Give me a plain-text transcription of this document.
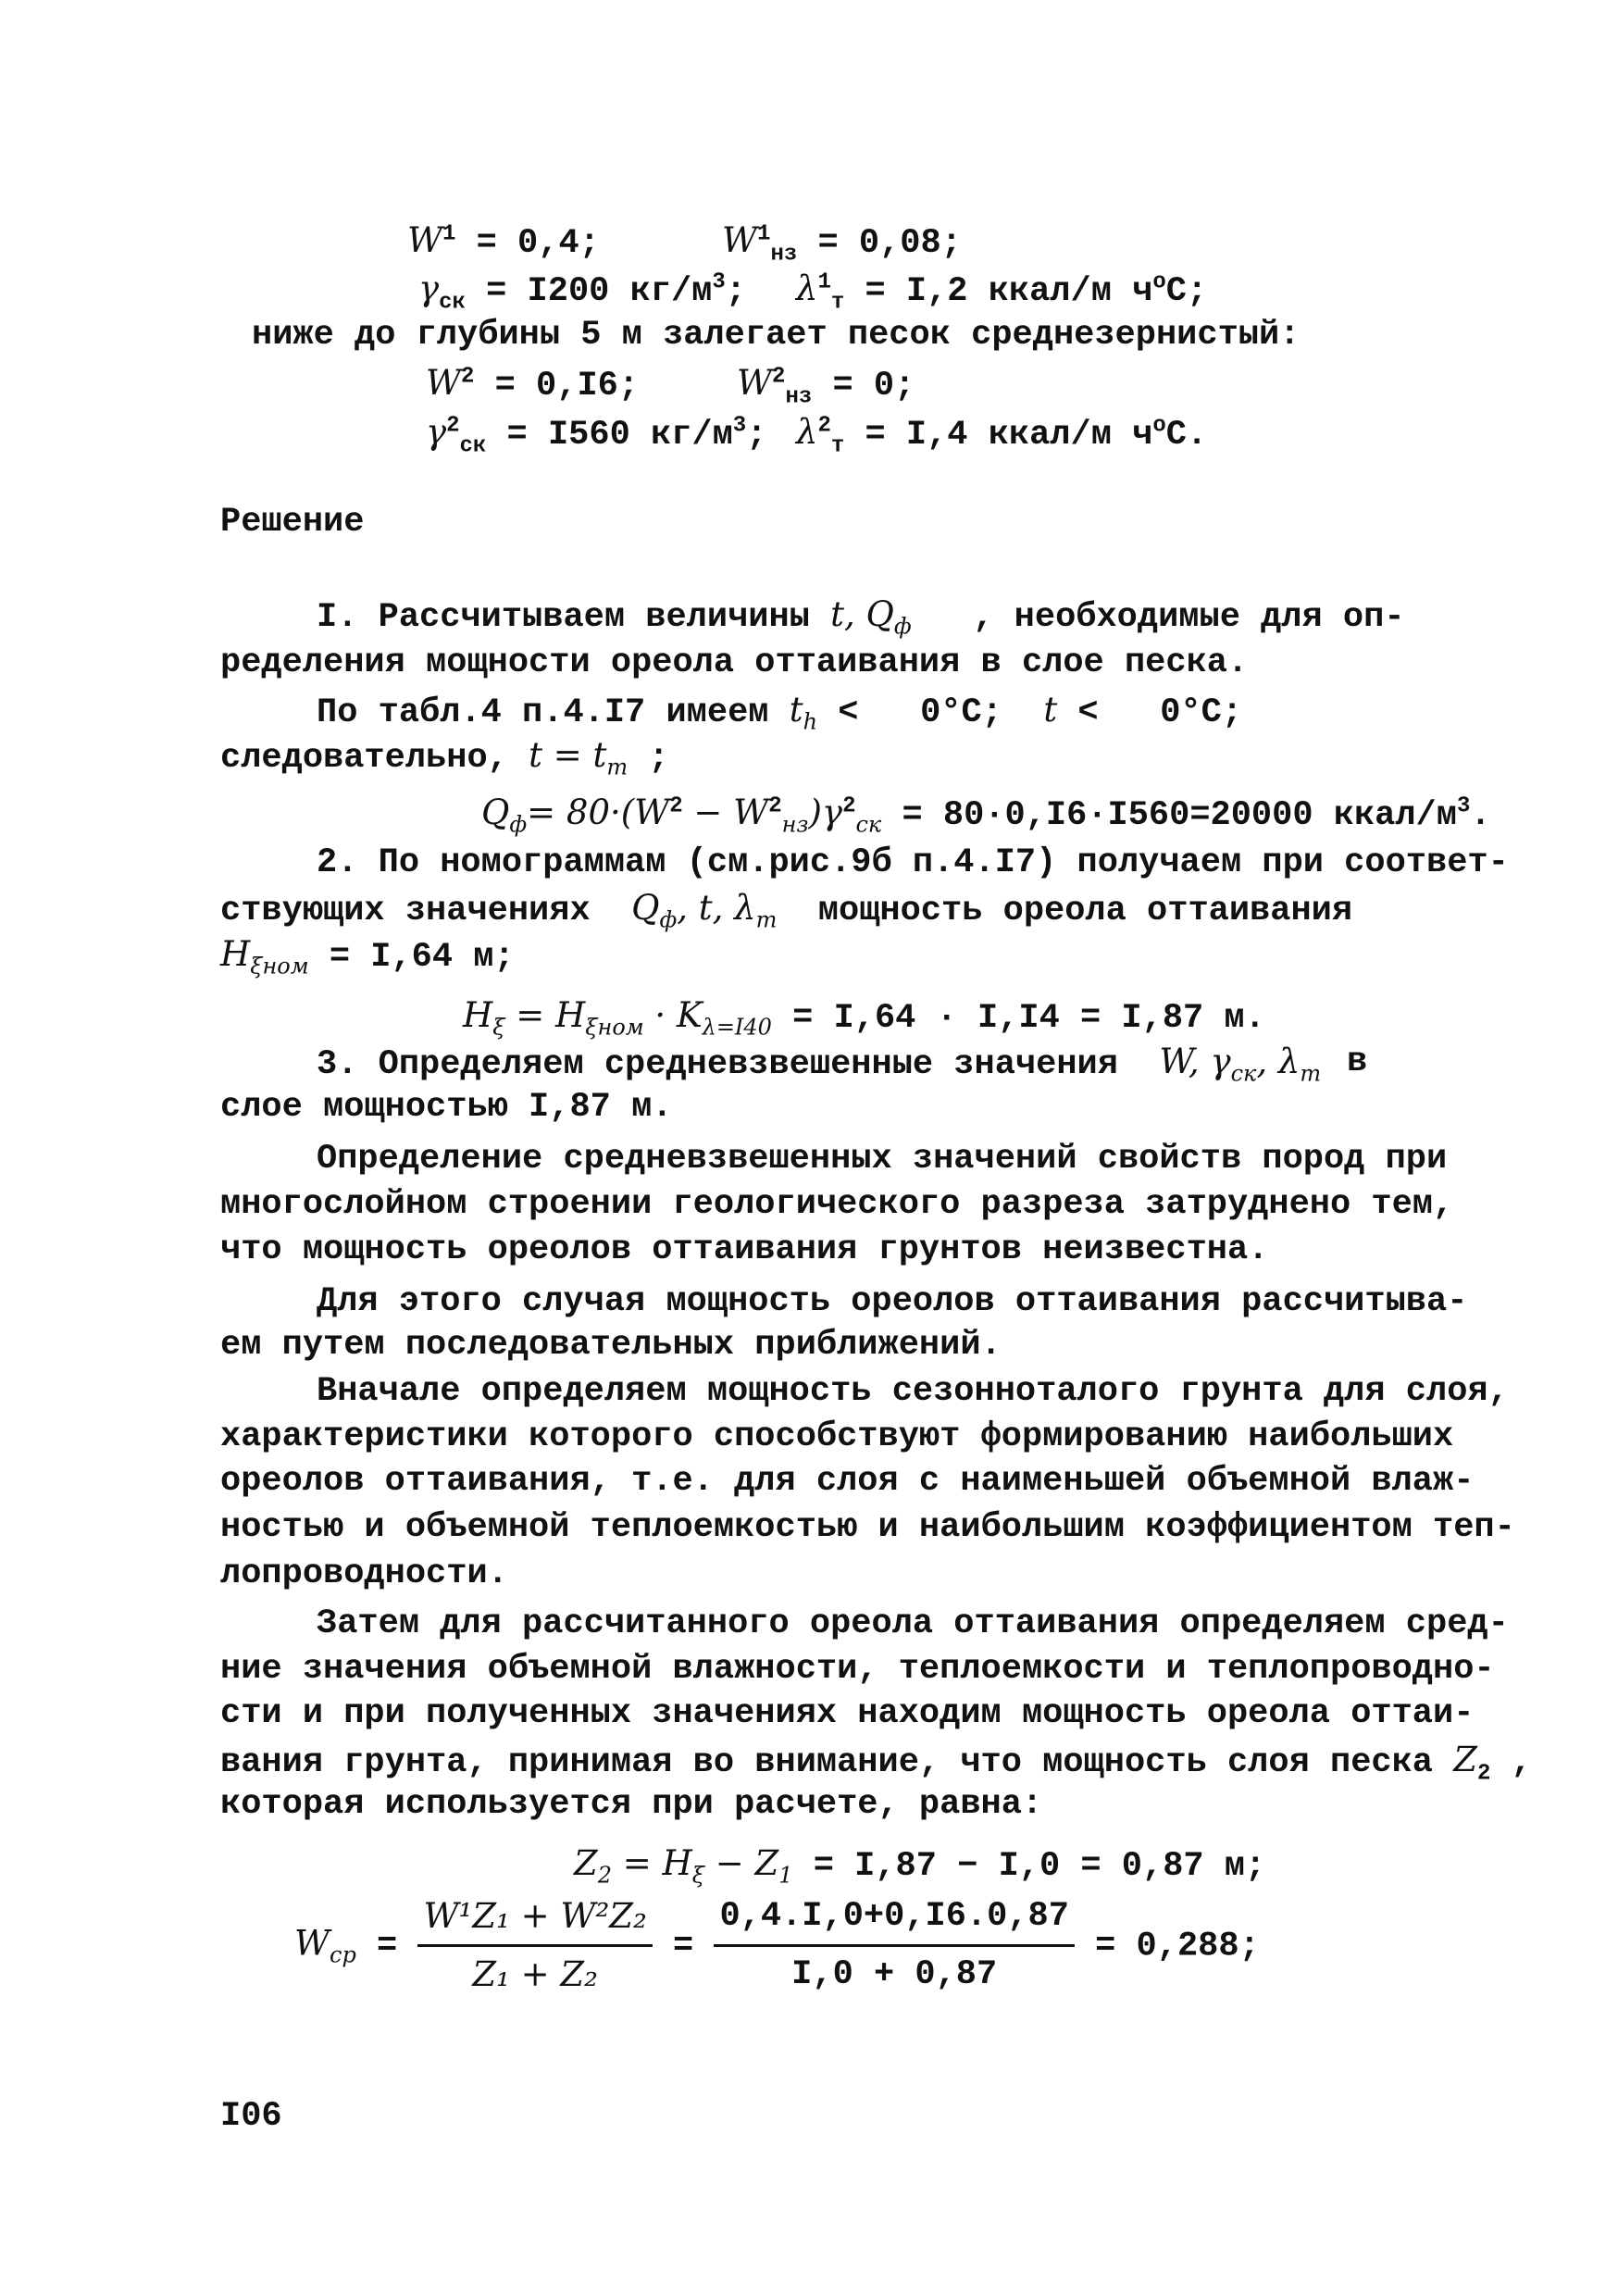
$W^1 = 0,4$;	$W^1_{нз} = 0,08$;
$\gamma_{ск} = I200$ $кг/м^3$; $\lambda^1_т = I,2$ ккал/м $ч^oC$;
ниже до глубины 5 м залегает песок среднезернистый:
$W^2 = 0,I6$;	$W^2_{нз} = 0$;
$\gamma^2_{ск} = I560$ $кг/м^3$; $\lambda^2_т = I,4$ ккал/м $ч^oC$.
Решение
I. Рассчитываем величины t, $Q_ф$   , необходимые для оп-
ределения мощности ореола оттаивания в слое песка.
По табл.4 п.4.I7 имеем $t_h < 0^\circ С$; t <   0°С;
следовательно, $t = t_т$ ;
$Q_ф= 80\cdot(W^2 - W^2_{нз})\gamma^2_{ск} = 80\cdot 0,I6\cdot I560=20000$ ккал/$м^3$.
2. По номограммам (см.рис.9б п.4.I7) получаем при соответ-
ствующих значениях $Q_ф$, t, $\lambda_т$  мощность ореола оттаивания
$H_{\xi ном} = I,64$ м;
$H_\xi = H_{\xi ном} \cdot K_{\lambda=I40} = I,64 \cdot I,I4 = I,87$ м.
3. Определяем средневзвешенные значения W, $\gamma_{ск}$, $\lambda_т$ в
слое мощностью I,87 м.
Определение средневзвешенных значений свойств пород при
многослойном строении геологического разреза затруднено тем,
что мощность ореолов оттаивания грунтов неизвестна.
Для этого случая мощность ореолов оттаивания рассчитыва-
ем путем последовательных приближений.
Вначале определяем мощность сезонноталого грунта для слоя,
характеристики которого способствуют формированию наибольших
ореолов оттаивания, т.е. для слоя с наименьшей объемной влаж-
ностью и объемной теплоемкостью и наибольшим коэффициентом теп-
лопроводности.
Затем для рассчитанного ореола оттаивания определяем сред-
ние значения объемной влажности, теплоемкости и теплопроводно-
сти и при полученных значениях находим мощность ореола оттаи-
вания грунта, принимая во внимание, что мощность слоя песка $Z_2$ ,
которая используется при расчете, равна:
$Z_2 = H_\xi - Z_1 = I,87 - I,0 = 0,87$ м;
$W_{ср} = \frac{\text{W¹Z₁ + W²Z₂}}{\text{Z₁ + Z₂}} = \frac{0,4.I,0+0,I6.0,87}{I,0 + 0,87} = 0,288$;
I06
